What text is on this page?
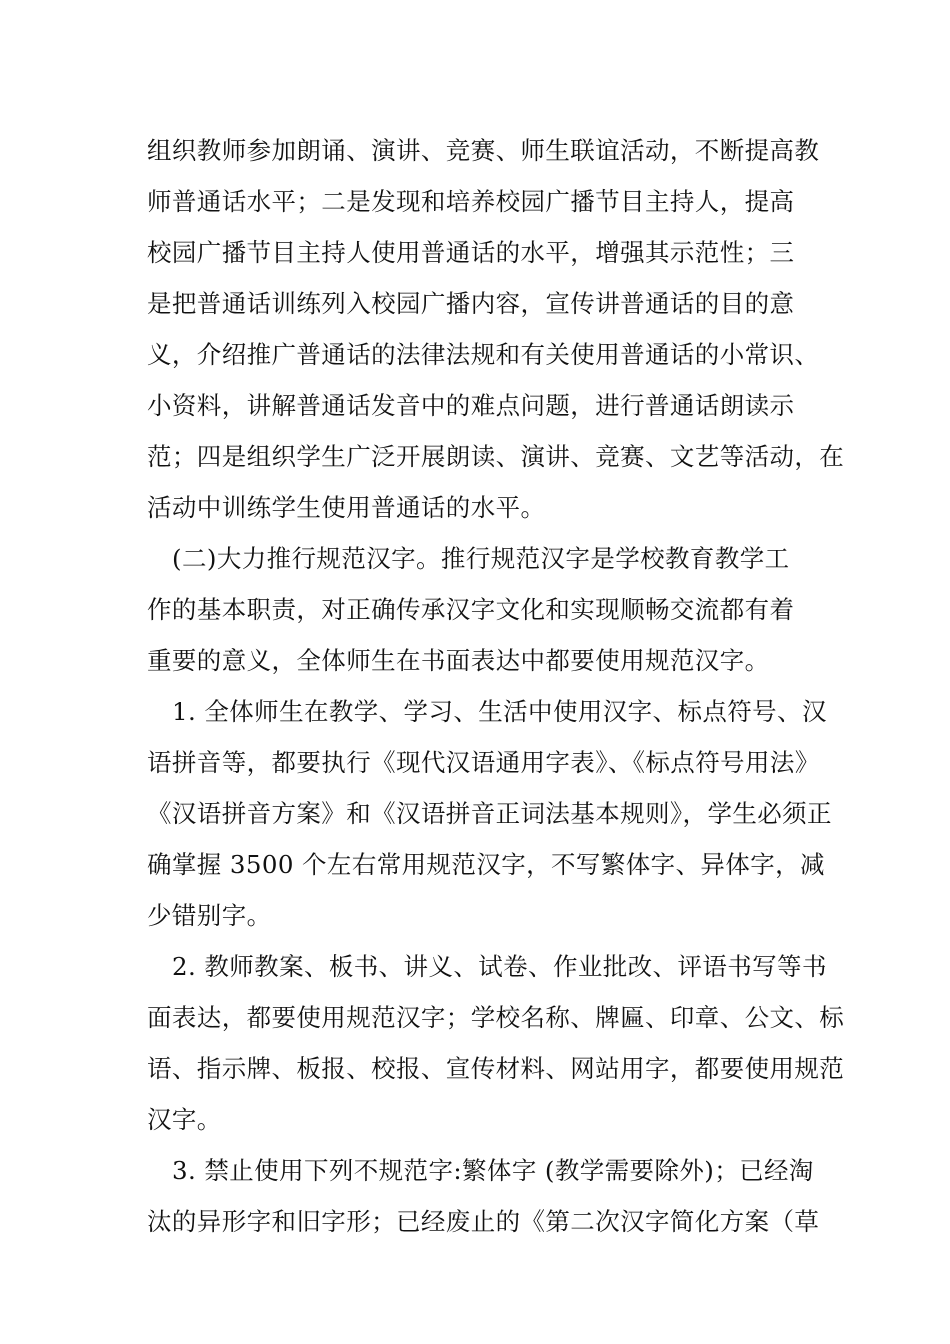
组织教师参加朗诵、演讲、竞赛、师生联谊活动，不断提高教
师普通话水平；二是发现和培养校园广播节目主持人，提高
校园广播节目主持人使用普通话的水平，增强其示范性；三
是把普通话训练列入校园广播内容，宣传讲普通话的目的意
义，介绍推广普通话的法律法规和有关使用普通话的小常识、
小资料，讲解普通话发音中的难点问题，进行普通话朗读示
范；四是组织学生广泛开展朗读、演讲、竞赛、文艺等活动，在
活动中训练学生使用普通话的水平。
(二)大力推行规范汉字。推行规范汉字是学校教育教学工
作的基本职责，对正确传承汉字文化和实现顺畅交流都有着
重要的意义，全体师生在书面表达中都要使用规范汉字。
1. 全体师生在教学、学习、生活中使用汉字、标点符号、汉
语拼音等，都要执行《现代汉语通用字表》、《标点符号用法》
《汉语拼音方案》和《汉语拼音正词法基本规则》，学生必须正
确掌握 3500 个左右常用规范汉字，不写繁体字、异体字，减
少错别字。
2. 教师教案、板书、讲义、试卷、作业批改、评语书写等书
面表达，都要使用规范汉字；学校名称、牌匾、印章、公文、标
语、指示牌、板报、校报、宣传材料、网站用字，都要使用规范
汉字。
3. 禁止使用下列不规范字:繁体字 (教学需要除外)；已经淘
汰的异形字和旧字形；已经废止的《第二次汉字简化方案（草
